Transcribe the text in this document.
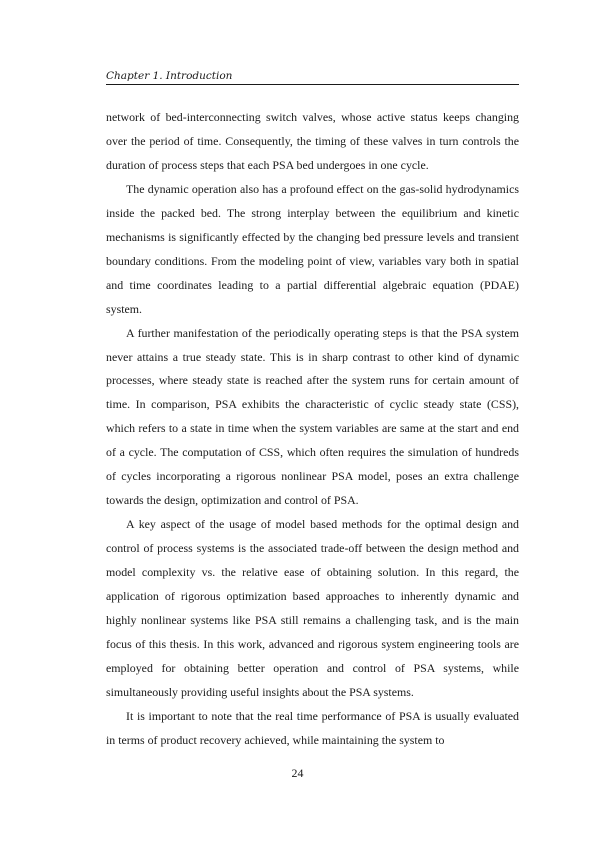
Chapter 1. Introduction

network of bed-interconnecting switch valves, whose active status keeps changing over the period of time. Consequently, the timing of these valves in turn controls the duration of process steps that each PSA bed undergoes in one cycle.

The dynamic operation also has a profound effect on the gas-solid hydrodynamics inside the packed bed. The strong interplay between the equilibrium and kinetic mechanisms is significantly effected by the changing bed pressure levels and transient boundary conditions. From the modeling point of view, variables vary both in spatial and time coordinates leading to a partial differential algebraic equation (PDAE) system.

A further manifestation of the periodically operating steps is that the PSA system never attains a true steady state. This is in sharp contrast to other kind of dynamic processes, where steady state is reached after the system runs for certain amount of time. In comparison, PSA exhibits the characteristic of cyclic steady state (CSS), which refers to a state in time when the system variables are same at the start and end of a cycle. The computation of CSS, which often requires the simulation of hundreds of cycles incorporating a rigorous nonlinear PSA model, poses an extra challenge towards the design, optimization and control of PSA.

A key aspect of the usage of model based methods for the optimal design and control of process systems is the associated trade-off between the design method and model complexity vs. the relative ease of obtaining solution. In this regard, the application of rigorous optimization based approaches to inherently dynamic and highly nonlinear systems like PSA still remains a challenging task, and is the main focus of this thesis. In this work, advanced and rigorous system engineering tools are employed for obtaining better operation and control of PSA systems, while simultaneously providing useful insights about the PSA systems.

It is important to note that the real time performance of PSA is usually evaluated in terms of product recovery achieved, while maintaining the system to

24
